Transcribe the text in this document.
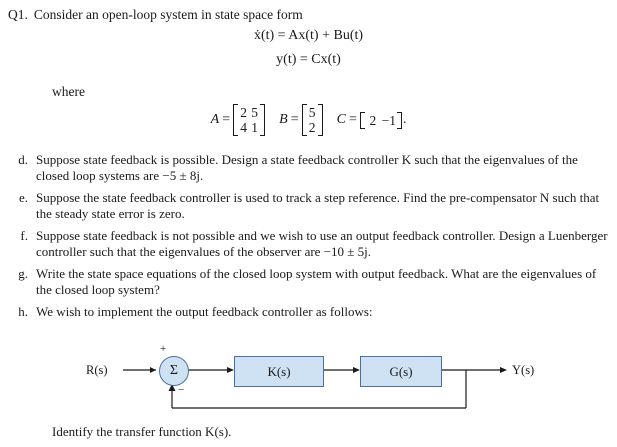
Q1. Consider an open-loop system in state space form
ẋ(t) = Ax(t) + Bu(t)
y(t) = Cx(t)
where
A = 2 5
4 1
B = 5
2
C = 2 −1 .
d. Suppose state feedback is possible. Design a state feedback controller K such that the eigenvalues of the closed loop systems are −5 ± 8j.
e. Suppose the state feedback controller is used to track a step reference. Find the pre-compensator N such that the steady state error is zero.
f. Suppose state feedback is not possible and we wish to use an output feedback controller. Design a Luenberger controller such that the eigenvalues of the observer are −10 ± 5j.
g. Write the state space equations of the closed loop system with output feedback. What are the eigenvalues of the closed loop system?
h. We wish to implement the output feedback controller as follows:
R(s)	Y(s)
+
−
Σ	K(s)	G(s)
Identify the transfer function K(s).
